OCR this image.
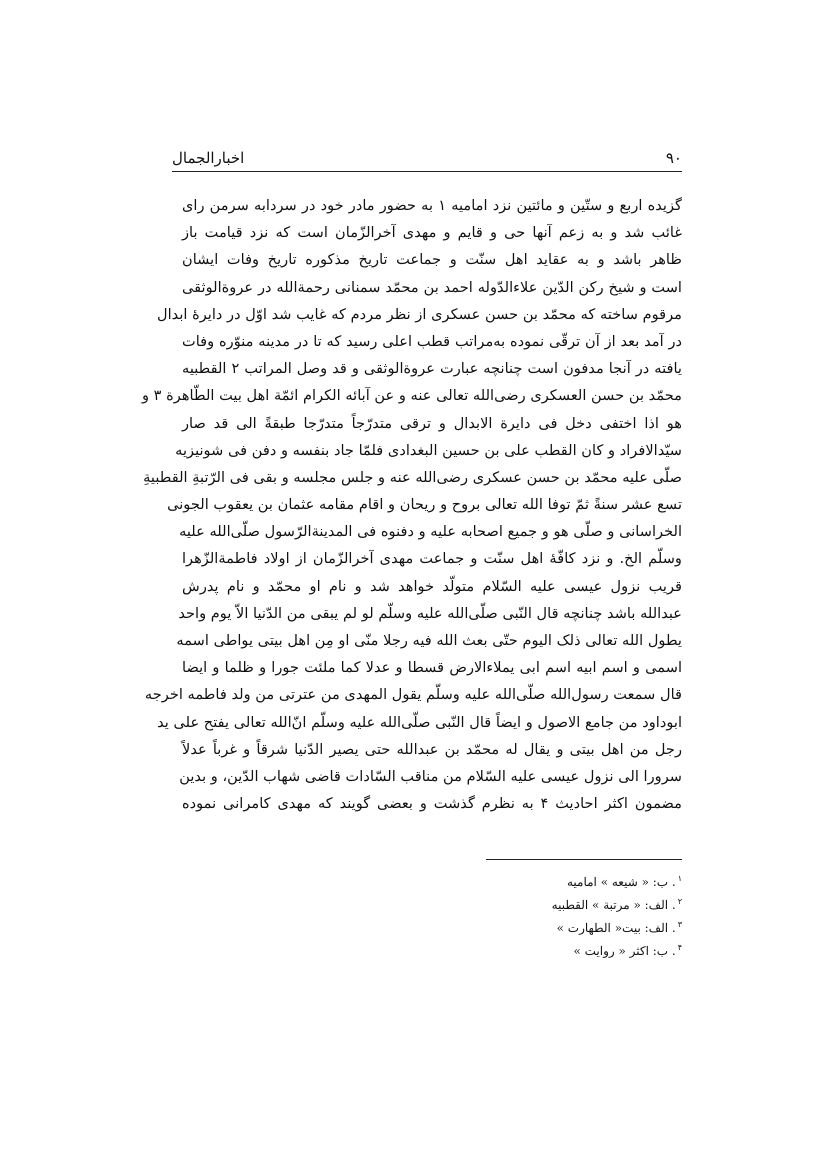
۹۰
اخبارالجمال
گزیده اربع و ستّین و مائتین نزد امامیه ۱ به حضور مادر خود در سردابه سرمن رای
غائب شد و به زعم آنها حی و قایم و مهدی آخرالزّمان است که نزد قیامت باز
ظاهر باشد و به عقاید اهل سنّت و جماعت تاریخ مذکوره تاریخ وفات ایشان
است و شیخ رکن الدّین علاءالدّوله احمد بن محمّد سمنانی رحمةالله در عروةالوثقی
مرقوم ساخته که محمّد بن حسن عسکری از نظر مردم که غایب شد اوّل در دایرۀ ابدال
در آمد بعد از آن ترقّی نموده به‌مراتب قطب اعلی رسید که تا در مدینه منوّره وفات
یافته در آنجا مدفون است چنانچه عبارت عروةالوثقی و قد وصل المراتب ۲ القطبیه
محمّد بن حسن العسکری رضی‌الله تعالی عنه و عن آبائه الکرام ائمّة اهل بیت الطّاهرة ۳ و
هو اذا اختفی دخل فی دایرة الابدال و ترقی متدرّجاً متدرّجا طبقةً الی قد صار
سیّدالافراد و کان القطب علی بن حسین البغدادی فلمّا جاد بنفسه و دفن فی شونیزیه
صلّی علیه محمّد بن حسن عسکری رضی‌الله عنه و جلس مجلسه و بقی فی الرّتبةِ القطبیةِ
تسع عشر سنةً ثمّ توفا الله تعالی بروح و ریحان و اقام مقامه عثمان بن یعقوب الجونی
الخراسانی و صلّی هو و جمیع اصحابه علیه و دفنوه فی المدینةالرّسول صلّی‌الله علیه
وسلّم الخ. و نزد کافّهٔ اهل سنّت و جماعت مهدی آخرالزّمان از اولاد فاطمةالزّهرا
قریب نزول عیسی علیه السّلام متولّد خواهد شد و نام او محمّد و نام پدرش
عبدالله باشد چنانچه قال النّبی صلّی‌الله علیه وسلّم لو لم یبقی من الدّنیا الاّ یوم واحد
یطول الله تعالی ذلک الیوم حتّی بعث الله فیه رجلا منّی او مِن اهل بیتی یواطی اسمه
اسمی و اسم ابیه اسم ابی یملاءالارض قسطا و عدلا کما ملئت جورا و ظلما و ایضا
قال سمعت رسول‌الله صلّی‌الله علیه وسلّم یقول المهدی من عترتی من ولد فاطمه اخرجه
ابوداود من جامع الاصول و ایضاً قال النّبی صلّی‌الله علیه وسلّم انّ‌الله تعالی یفتح علی ید
رجل من اهل بیتی و یقال له محمّد بن عبدالله حتی یصیر الدّنیا شرقاً و غرباً عدلاً
سرورا الی نزول عیسی علیه السّلام من مناقب السّادات قاضی شهاب الدّین، و بدین
مضمون اکثر احادیث ۴ به نظرم گذشت و بعضی گویند که مهدی کامرانی نموده
$^۱$. ب: « شیعه » امامیه
$^۲$. الف: « مرتبة » القطبیه
$^۳$. الف: بیت« الطهارت »
$^۴$. ب: اکثر « روایت »
